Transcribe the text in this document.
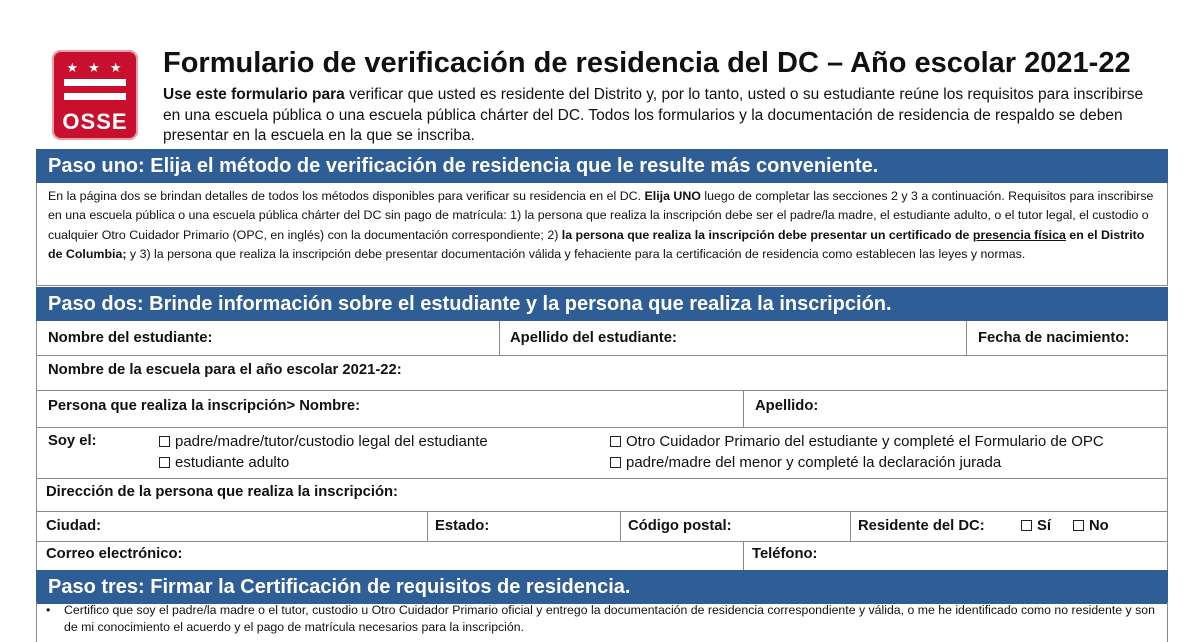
★★★
OSSE
Formulario de verificación de residencia del DC – Año escolar 2021-22

Use este formulario para verificar que usted es residente del Distrito y, por lo tanto, usted o su estudiante reúne los requisitos para inscribirse en una escuela pública o una escuela pública chárter del DC. Todos los formularios y la documentación de residencia de respaldo se deben presentar en la escuela en la que se inscriba.

Paso uno: Elija el método de verificación de residencia que le resulte más conveniente.
En la página dos se brindan detalles de todos los métodos disponibles para verificar su residencia en el DC. Elija UNO luego de completar las secciones 2 y 3 a continuación. Requisitos para inscribirse en una escuela pública o una escuela pública chárter del DC sin pago de matrícula: 1) la persona que realiza la inscripción debe ser el padre/la madre, el estudiante adulto, o el tutor legal, el custodio o cualquier Otro Cuidador Primario (OPC, en inglés) con la documentación correspondiente; 2) la persona que realiza la inscripción debe presentar un certificado de presencia física en el Distrito de Columbia; y 3) la persona que realiza la inscripción debe presentar documentación válida y fehaciente para la certificación de residencia como establecen las leyes y normas.
Paso dos: Brinde información sobre el estudiante y la persona que realiza la inscripción.
Nombre del estudiante:	Apellido del estudiante:	Fecha de nacimiento:
Nombre de la escuela para el año escolar 2021-22:
Persona que realiza la inscripción> Nombre:	Apellido:
Soy el:	padre/madre/tutor/custodio legal del estudiante
estudiante adulto
Otro Cuidador Primario del estudiante y completé el Formulario de OPC
padre/madre del menor y completé la declaración jurada
Dirección de la persona que realiza la inscripción:
Ciudad:	Estado:	Código postal:	Residente del DC:	Sí	No
Correo electrónico:	Teléfono:
Paso tres: Firmar la Certificación de requisitos de residencia.
• Certifico que soy el padre/la madre o el tutor, custodio u Otro Cuidador Primario oficial y entrego la documentación de residencia correspondiente y válida, o me he identificado como no residente y son de mi conocimiento el acuerdo y el pago de matrícula necesarios para la inscripción.
